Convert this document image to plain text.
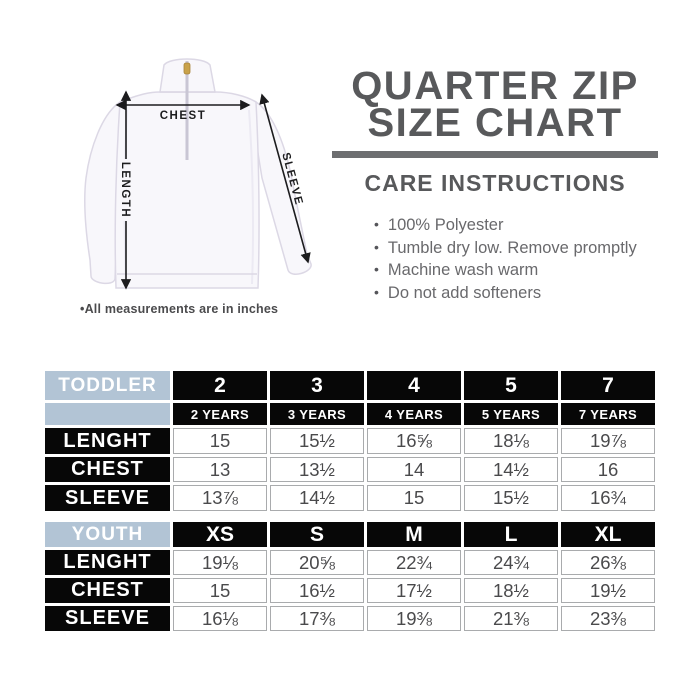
CHEST
LENGTH	SLEEVE
•All measurements are in inches
QUARTER ZIP
SIZE CHART
CARE INSTRUCTIONS
• 100% Polyester
• Tumble dry low. Remove promptly
• Machine wash warm
• Do not add softeners
TODDLER	2	3	4	5	7
2 YEARS	3 YEARS	4 YEARS	5 YEARS	7 YEARS
LENGHT	15	15½	16⅝	18⅛	19⅞
CHEST	13	13½	14	14½	16
SLEEVE	13⅞	14½	15	15½	16¾
YOUTH	XS	S	M	L	XL
LENGHT	19⅛	20⅝	22¾	24¾	26⅜
CHEST	15	16½	17½	18½	19½
SLEEVE	16⅛	17⅜	19⅜	21⅜	23⅜
